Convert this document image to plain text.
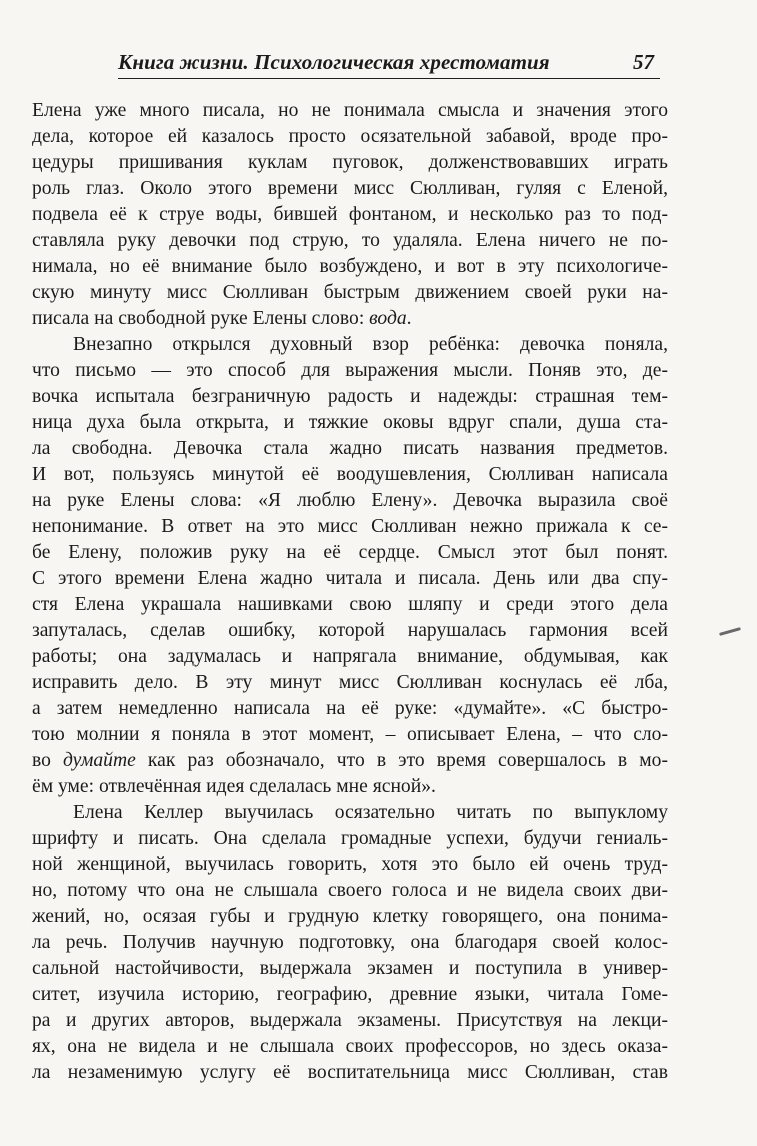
Книга жизни. Психологическая хрестоматия	57
Елена уже много писала, но не понимала смысла и значения этого
дела, которое ей казалось просто осязательной забавой, вроде про-
цедуры пришивания куклам пуговок, долженствовавших играть
роль глаз. Около этого времени мисс Сюлливан, гуляя с Еленой,
подвела её к струе воды, бившей фонтаном, и несколько раз то под-
ставляла руку девочки под струю, то удаляла. Елена ничего не по-
нимала, но её внимание было возбуждено, и вот в эту психологиче-
скую минуту мисс Сюлливан быстрым движением своей руки на-
писала на свободной руке Елены слово: вода.
Внезапно открылся духовный взор ребёнка: девочка поняла,
что письмо — это способ для выражения мысли. Поняв это, де-
вочка испытала безграничную радость и надежды: страшная тем-
ница духа была открыта, и тяжкие оковы вдруг спали, душа ста-
ла свободна. Девочка стала жадно писать названия предметов.
И вот, пользуясь минутой её воодушевления, Сюлливан написала
на руке Елены слова: «Я люблю Елену». Девочка выразила своё
непонимание. В ответ на это мисс Сюлливан нежно прижала к се-
бе Елену, положив руку на её сердце. Смысл этот был понят.
С этого времени Елена жадно читала и писала. День или два спу-
стя Елена украшала нашивками свою шляпу и среди этого дела
запуталась, сделав ошибку, которой нарушалась гармония всей
работы; она задумалась и напрягала внимание, обдумывая, как
исправить дело. В эту минут мисс Сюлливан коснулась её лба,
а затем немедленно написала на её руке: «думайте». «С быстро-
тою молнии я поняла в этот момент, – описывает Елена, – что сло-
во думайте как раз обозначало, что в это время совершалось в мо-
ём уме: отвлечённая идея сделалась мне ясной».
Елена Келлер выучилась осязательно читать по выпуклому
шрифту и писать. Она сделала громадные успехи, будучи гениаль-
ной женщиной, выучилась говорить, хотя это было ей очень труд-
но, потому что она не слышала своего голоса и не видела своих дви-
жений, но, осязая губы и грудную клетку говорящего, она понима-
ла речь. Получив научную подготовку, она благодаря своей колос-
сальной настойчивости, выдержала экзамен и поступила в универ-
ситет, изучила историю, географию, древние языки, читала Гоме-
ра и других авторов, выдержала экзамены. Присутствуя на лекци-
ях, она не видела и не слышала своих профессоров, но здесь оказа-
ла незаменимую услугу её воспитательница мисс Сюлливан, став
